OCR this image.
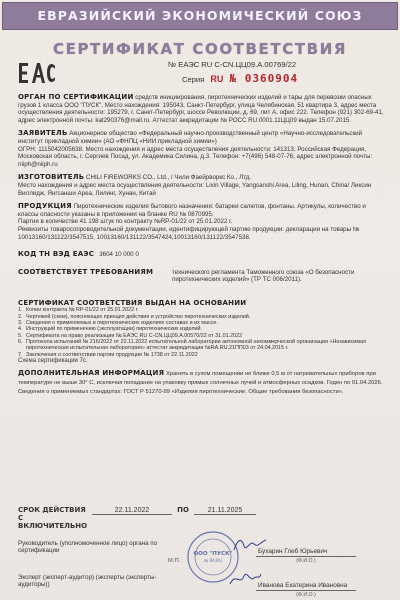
ЕВРАЗИЙСКИЙ ЭКОНОМИЧЕСКИЙ СОЮЗ
СЕРТИФИКАТ СООТВЕТСТВИЯ
№ ЕАЭС RU С-CN.ЦЦ09.А.00769/22
Серия RU № 0360904
ОРГАН ПО СЕРТИФИКАЦИИ средств инициирования, пиротехнических изделий и тары для перевозки опасных грузов 1 класса ООО "ПУСК". Место нахождения: 195043, Санкт-Петербург, улица Челябинская, 51 квартира 3, адрес места осуществления деятельности: 195279, г. Санкт-Петербург, шоссе Революции, д. 69, лит А, офис 222. Телефон (921) 302-69-41, адрес электронной почты: kat290376@mail.ru. Аттестат аккредитации № РОСС RU.0001.11ЦЦ09 выдан 15.07.2015.
ЗАЯВИТЕЛЬ Акционерное общество «Федеральный научно-производственный центр «Научно-исследовательский институт прикладной химии» (АО «ФНПЦ «НИИ прикладной химии»)
ОГРН: 1115042005638. Место нахождения и адрес места осуществления деятельности: 141313, Российская Федерация, Московская область, г. Сергиев Посад, ул. Академика Силина, д.3. Телефон: +7(496) 548-07-76, адрес электронной почты: niiph@niiph.ru
ИЗГОТОВИТЕЛЬ CHILI FIREWORKS CO., Ltd., / Чили Фаейрворкс Ко., Лтд.
Место нахождения и адрес места осуществления деятельности: Lixin Village, Yangsanshi Area, Liling, Hunan, China/ Ликсин Виллидж, Янгсанши Ареа, Лилинг, Хунан, Китай
ПРОДУКЦИЯ Пиротехнические изделия бытового назначения: батареи салютов, фонтаны. Артикулы, количество и классы опасности указаны в приложении на бланке RU № 0870995.
Партия в количестве 41 198 штук по контракту №RP-01/22 от 25.01.2022 г.
Реквизиты товаросопроводительной документации, идентифицирующей партию продукции: декларации на товары № 10013160/131122/3547515, 10013160/131122/3547424,10013160/131122/3547538.
КОД ТН ВЭД ЕАЭС 3604 10 000 0
СООТВЕТСТВУЕТ ТРЕБОВАНИЯМ	технического регламента Таможенного союза «О безопасности пиротехнических изделий» (ТР ТС 006/2011).
СЕРТИФИКАТ СООТВЕТСТВИЯ ВЫДАН НА ОСНОВАНИИ
1. Копии контракта № RP-01/22 от 25.01.2022 г.
2. Чертежей (схем), поясняющих принцип действия и устройство пиротехнических изделий.
3. Сведения о применяемых в пиротехнических изделиях составах и их массе.
4. Инструкций по применению (эксплуатации) пиротехнических изделий.
5. Сертификата на право реализации № ЕАЭС RU С-CN.ЦЦ09.А.00570/22 от 31.01.2022
6. Протокола испытаний № 216/2022 от 22.11.2022 испытательной лаборатории автономной некоммерческой организации «Независимая пиротехническая испытательная лаборатория» аттестат аккредитации №RA.RU.21ПП03 от 24.04.2015 г.
7. Заключения о соответствии партии продукции № 1738 от 22.11.2022
Схема сертификации 7с.
ДОПОЛНИТЕЛЬНАЯ ИНФОРМАЦИЯ Хранить в сухом помещении не ближе 0,5 м от нагревательных приборов при температуре не выше 30° С, исключая попадание на упаковку прямых солнечных лучей и атмосферных осадков. Годен по 01.04.2026. Сведения о применяемых стандартах: ГОСТ Р 51270-99 «Изделия пиротехнические. Общие требования безопасности».
СРОК ДЕЙСТВИЯ С
ВКЛЮЧИТЕЛЬНО
22.11.2022	ПО	21.11.2025
Руководитель (уполномоченное лицо) органа по сертификации
Эксперт (эксперт-аудитор) (эксперты (эксперты-аудиторы))
М.П.
ООО "ПУСК"
№ RA.RU
Бухарин Глеб Юрьевич
(Ф.И.О.)
Иванова Екатерина Ивановна
(Ф.И.О.)
